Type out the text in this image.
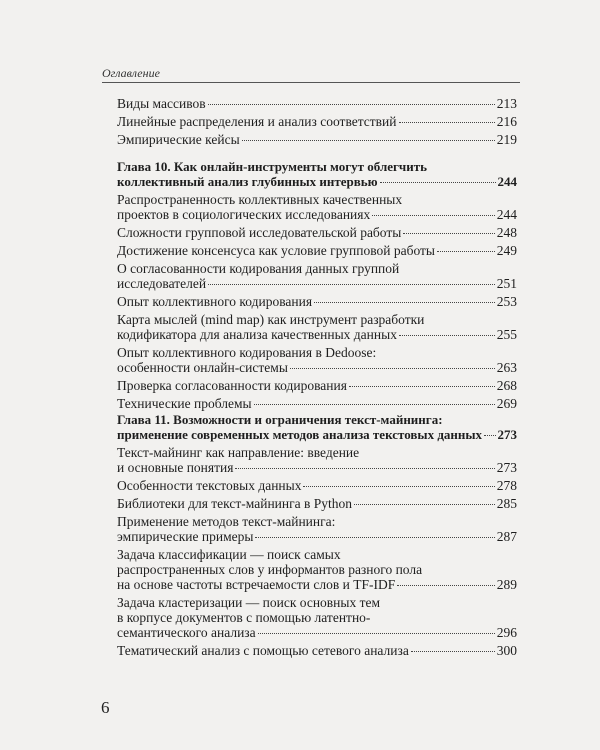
Оглавление
Виды массивов	213
Линейные распределения и анализ соответствий	216
Эмпирические кейсы	219
Глава 10. Как онлайн-инструменты могут облегчить
коллективный анализ глубинных интервью	244
Распространенность коллективных качественных
проектов в социологических исследованиях	244
Сложности групповой исследовательской работы	248
Достижение консенсуса как условие групповой работы	249
О согласованности кодирования данных группой
исследователей	251
Опыт коллективного кодирования	253
Карта мыслей (mind map) как инструмент разработки
кодификатора для анализа качественных данных	255
Опыт коллективного кодирования в Dedoose:
особенности онлайн-системы	263
Проверка согласованности кодирования	268
Технические проблемы	269
Глава 11. Возможности и ограничения текст-майнинга:
применение современных методов анализа текстовых данных 273
Текст-майнинг как направление: введение
и основные понятия	273
Особенности текстовых данных	278
Библиотеки для текст-майнинга в Python	285
Применение методов текст-майнинга:
эмпирические примеры	287
Задача классификации — поиск самых
распространенных слов у информантов разного пола
на основе частоты встречаемости слов и TF-IDF	289
Задача кластеризации — поиск основных тем
в корпусе документов с помощью латентно-
семантического анализа	296
Тематический анализ с помощью сетевого анализа	300
6
